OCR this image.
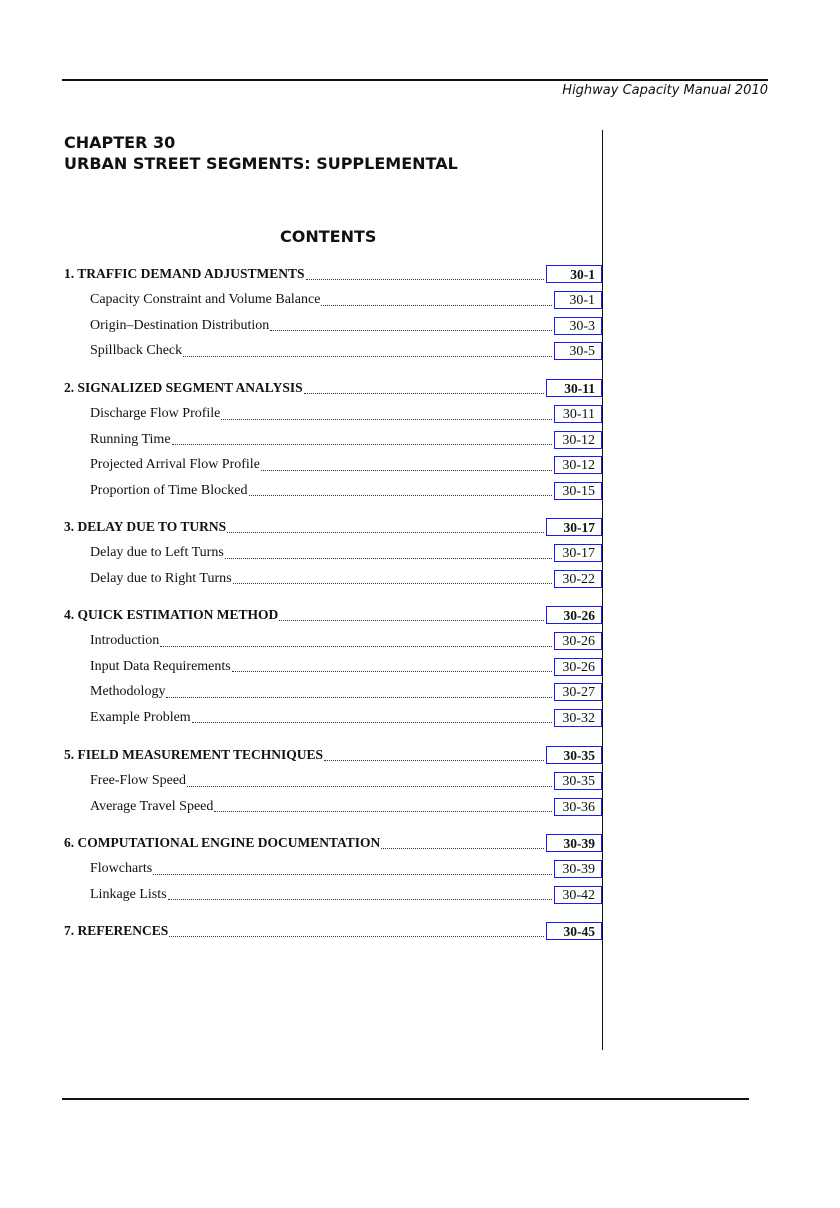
Highway Capacity Manual 2010
CHAPTER 30
URBAN STREET SEGMENTS: SUPPLEMENTAL
CONTENTS
1. TRAFFIC DEMAND ADJUSTMENTS	30-1
Capacity Constraint and Volume Balance	30-1
Origin–Destination Distribution	30-3
Spillback Check	30-5
2. SIGNALIZED SEGMENT ANALYSIS	30-11
Discharge Flow Profile	30-11
Running Time	30-12
Projected Arrival Flow Profile	30-12
Proportion of Time Blocked	30-15
3. DELAY DUE TO TURNS	30-17
Delay due to Left Turns	30-17
Delay due to Right Turns	30-22
4. QUICK ESTIMATION METHOD	30-26
Introduction	30-26
Input Data Requirements	30-26
Methodology	30-27
Example Problem	30-32
5. FIELD MEASUREMENT TECHNIQUES	30-35
Free-Flow Speed	30-35
Average Travel Speed	30-36
6. COMPUTATIONAL ENGINE DOCUMENTATION	30-39
Flowcharts	30-39
Linkage Lists	30-42
7. REFERENCES	30-45
